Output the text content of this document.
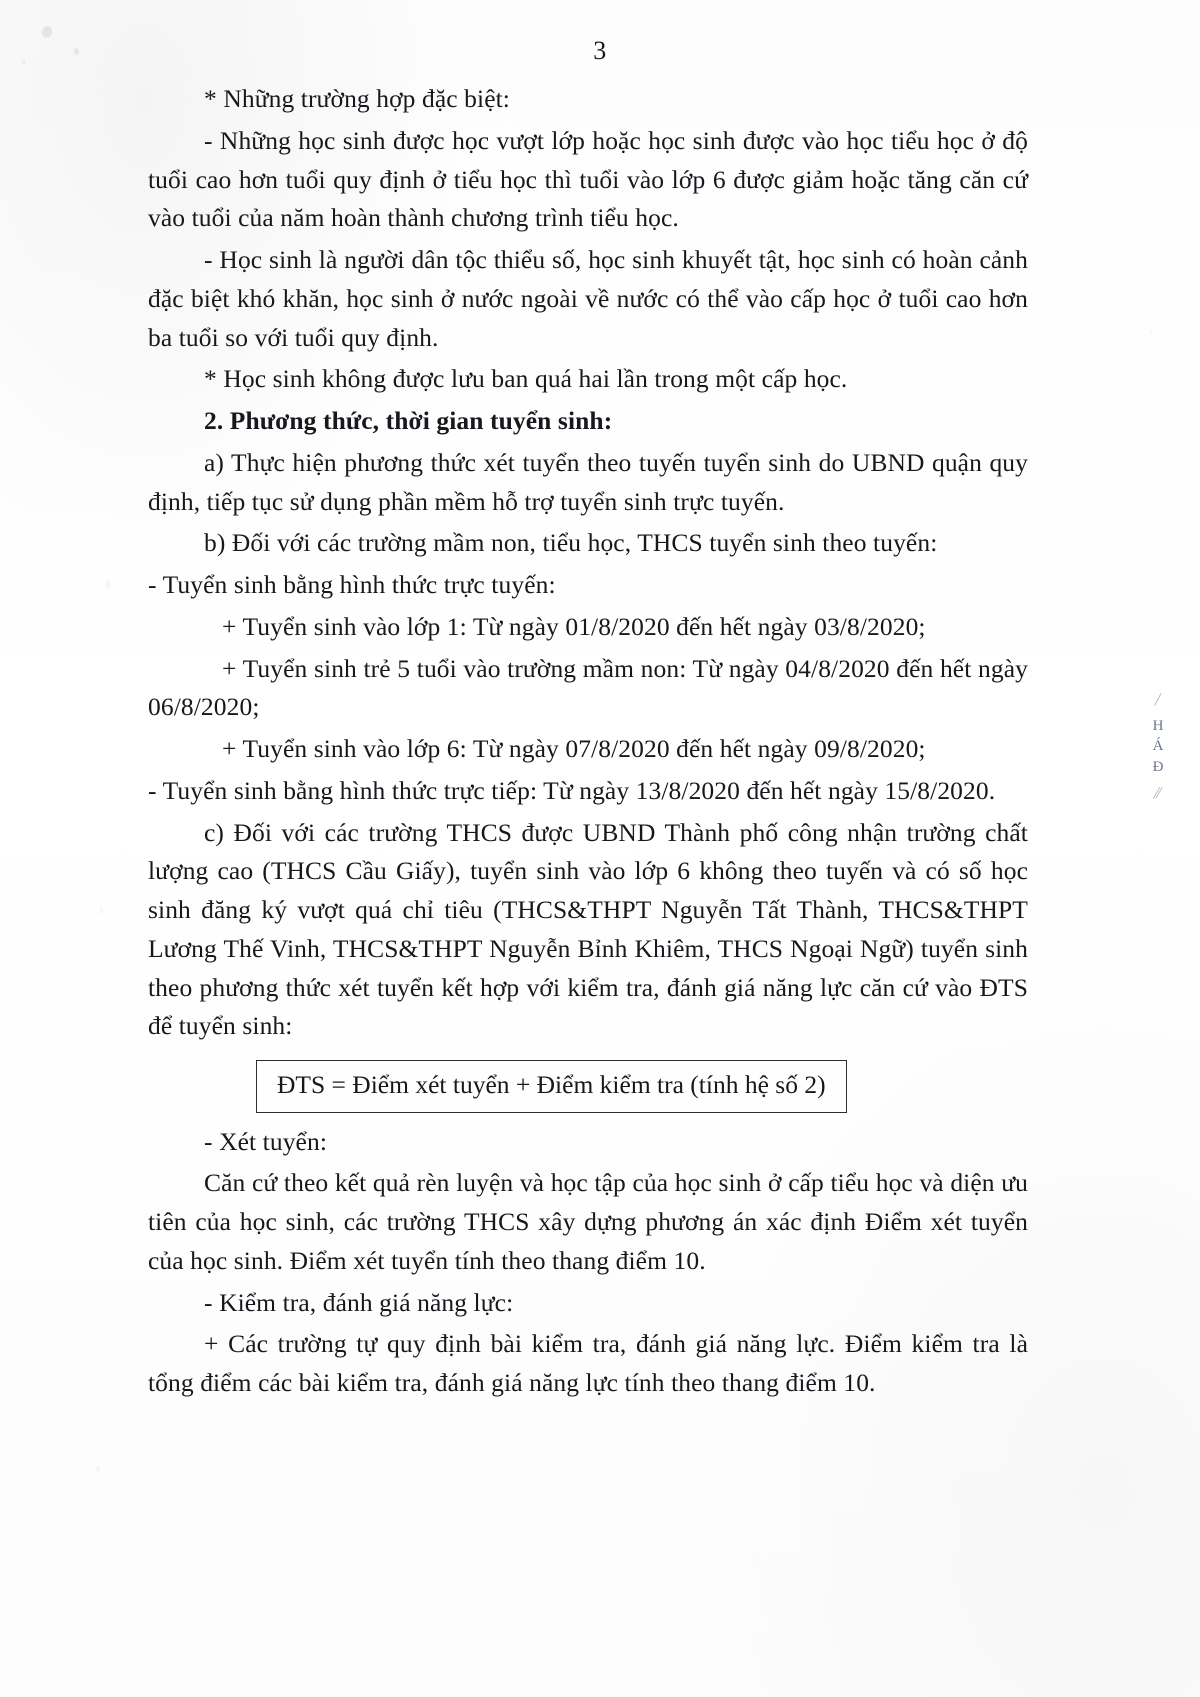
3

* Những trường hợp đặc biệt:

- Những học sinh được học vượt lớp hoặc học sinh được vào học tiểu học ở độ tuổi cao hơn tuổi quy định ở tiểu học thì tuổi vào lớp 6 được giảm hoặc tăng căn cứ vào tuổi của năm hoàn thành chương trình tiểu học.

- Học sinh là người dân tộc thiểu số, học sinh khuyết tật, học sinh có hoàn cảnh đặc biệt khó khăn, học sinh ở nước ngoài về nước có thể vào cấp học ở tuổi cao hơn ba tuổi so với tuổi quy định.

* Học sinh không được lưu ban quá hai lần trong một cấp học.

2. Phương thức, thời gian tuyển sinh:

a) Thực hiện phương thức xét tuyển theo tuyến tuyển sinh do UBND quận quy định, tiếp tục sử dụng phần mềm hỗ trợ tuyển sinh trực tuyến.

b) Đối với các trường mầm non, tiểu học, THCS tuyển sinh theo tuyến:

- Tuyển sinh bằng hình thức trực tuyến:

+ Tuyển sinh vào lớp 1: Từ ngày 01/8/2020 đến hết ngày 03/8/2020;

+ Tuyển sinh trẻ 5 tuổi vào trường mầm non: Từ ngày 04/8/2020 đến hết ngày 06/8/2020;

+ Tuyển sinh vào lớp 6: Từ ngày 07/8/2020 đến hết ngày 09/8/2020;

- Tuyển sinh bằng hình thức trực tiếp: Từ ngày 13/8/2020 đến hết ngày 15/8/2020.

c) Đối với các trường THCS được UBND Thành phố công nhận trường chất lượng cao (THCS Cầu Giấy), tuyển sinh vào lớp 6 không theo tuyến và có số học sinh đăng ký vượt quá chỉ tiêu (THCS&THPT Nguyễn Tất Thành, THCS&THPT Lương Thế Vinh, THCS&THPT Nguyễn Bỉnh Khiêm, THCS Ngoại Ngữ) tuyển sinh theo phương thức xét tuyển kết hợp với kiểm tra, đánh giá năng lực căn cứ vào ĐTS để tuyển sinh:

ĐTS = Điểm xét tuyển + Điểm kiểm tra (tính hệ số 2)

- Xét tuyển:

Căn cứ theo kết quả rèn luyện và học tập của học sinh ở cấp tiểu học và diện ưu tiên của học sinh, các trường THCS xây dựng phương án xác định Điểm xét tuyển của học sinh. Điểm xét tuyển tính theo thang điểm 10.

- Kiểm tra, đánh giá năng lực:

+ Các trường tự quy định bài kiểm tra, đánh giá năng lực. Điểm kiểm tra là tổng điểm các bài kiểm tra, đánh giá năng lực tính theo thang điểm 10.

⁄
H
Á
Ð
⁄⁄
